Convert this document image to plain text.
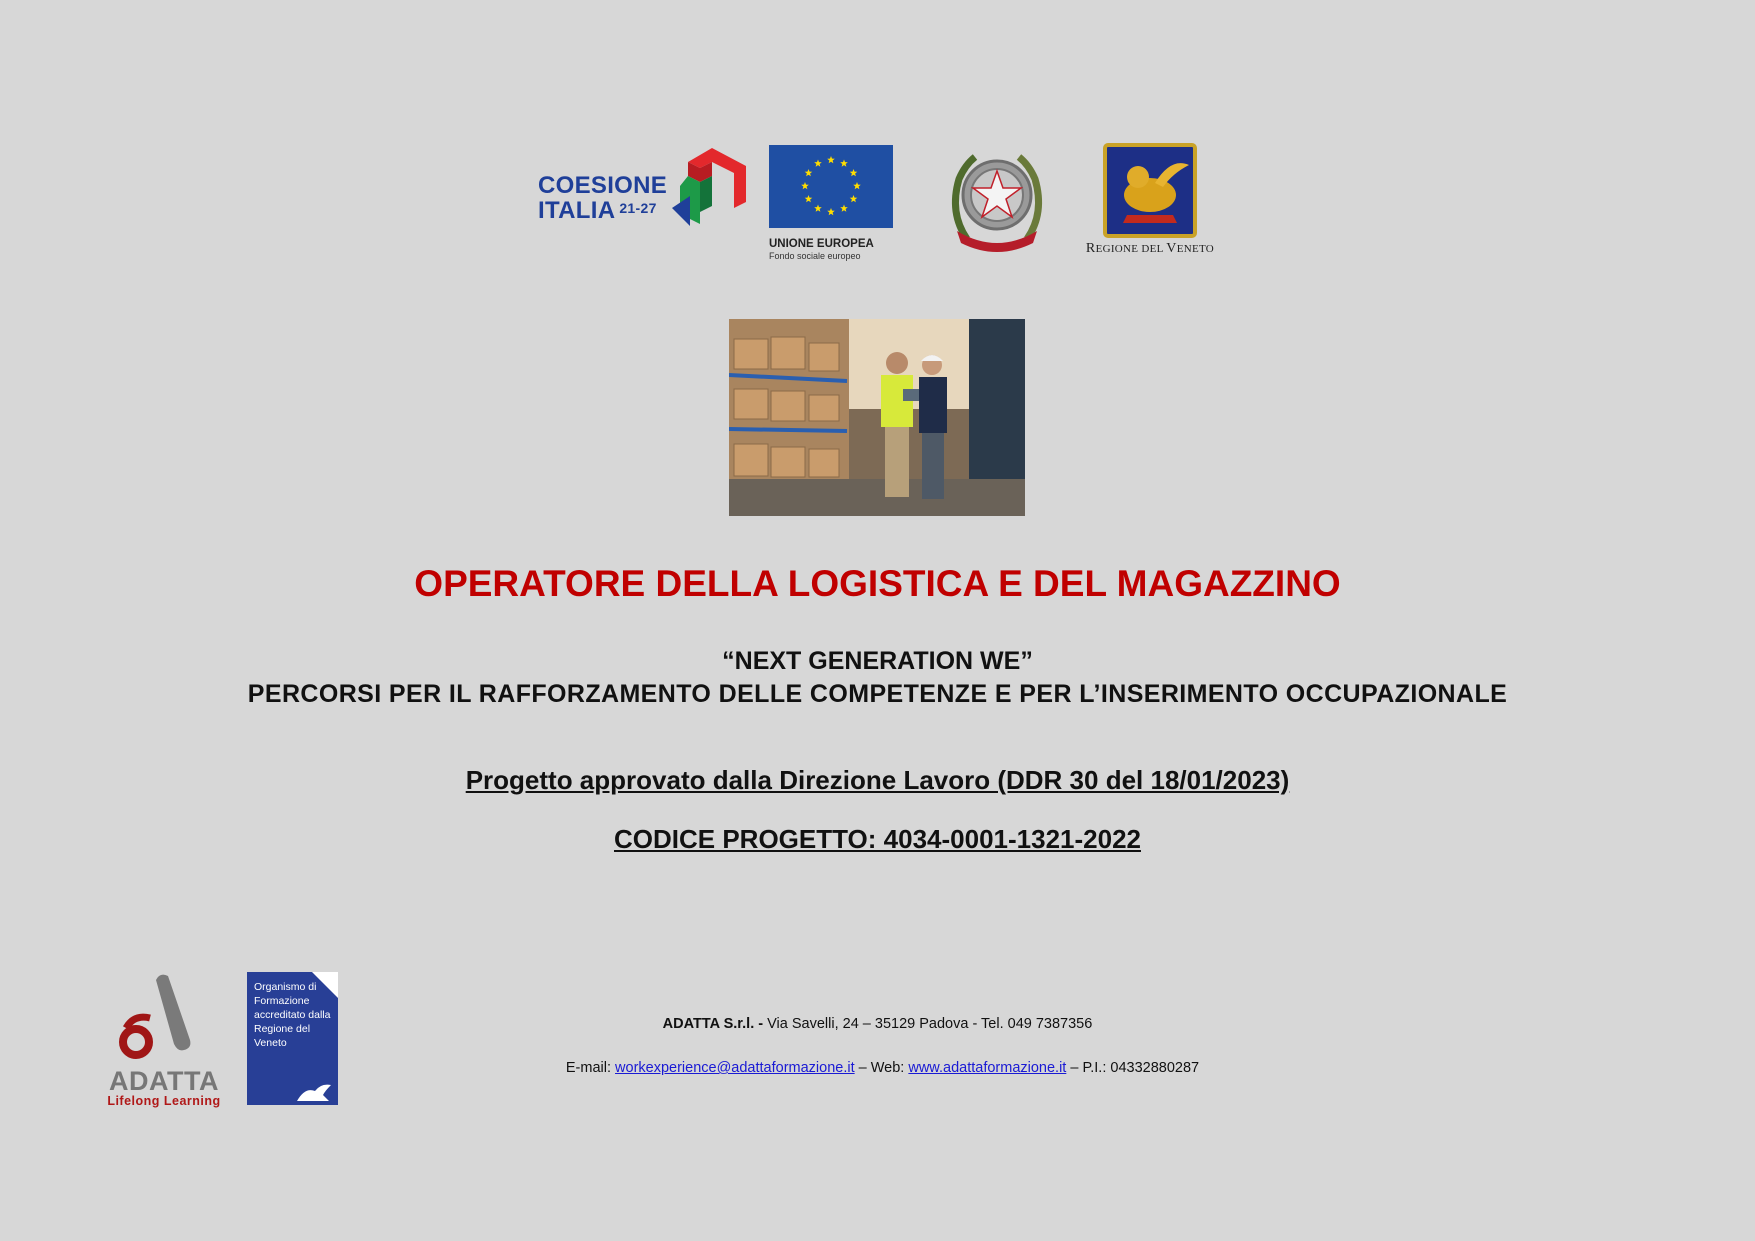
COESIONE
ITALIA $^{21-27}$
UNIONE EUROPEA
Fondo sociale europeo	REGIONE DEL VENETO
OPERATORE DELLA LOGISTICA E DEL MAGAZZINO
“NEXT GENERATION WE”
PERCORSI PER IL RAFFORZAMENTO DELLE COMPETENZE E PER L’INSERIMENTO OCCUPAZIONALE
Progetto approvato dalla Direzione Lavoro (DDR 30 del 18/01/2023)
CODICE PROGETTO: 4034-0001-1321-2022
ADATTA
Lifelong Learning
Organismo di Formazione accreditato dalla Regione del Veneto
ADATTA S.r.l. - Via Savelli, 24 – 35129 Padova - Tel. 049 7387356
E-mail: workexperience@adattaformazione.it – Web: www.adattaformazione.it – P.I.: 04332880287
